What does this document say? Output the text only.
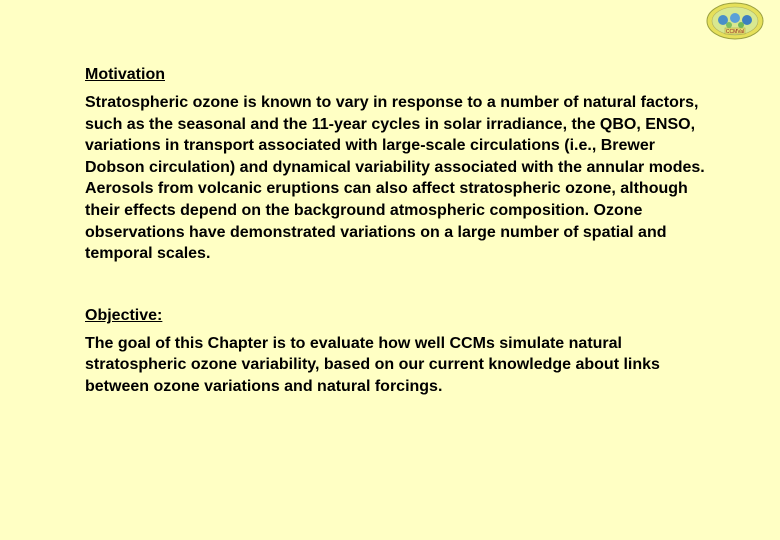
CCMVal

Motivation

Stratospheric ozone is known to vary in response to a number of natural factors, such as the seasonal and the 11-year cycles in solar irradiance, the QBO, ENSO, variations in transport associated with large-scale circulations (i.e., Brewer Dobson circulation) and dynamical variability associated with the annular modes. Aerosols from volcanic eruptions can also affect stratospheric ozone, although their effects depend on the background atmospheric composition. Ozone observations have demonstrated variations on a large number of spatial and temporal scales.

Objective:

The goal of this Chapter is to evaluate how well CCMs simulate natural stratospheric ozone variability, based on our current knowledge about links between ozone variations and natural forcings.
